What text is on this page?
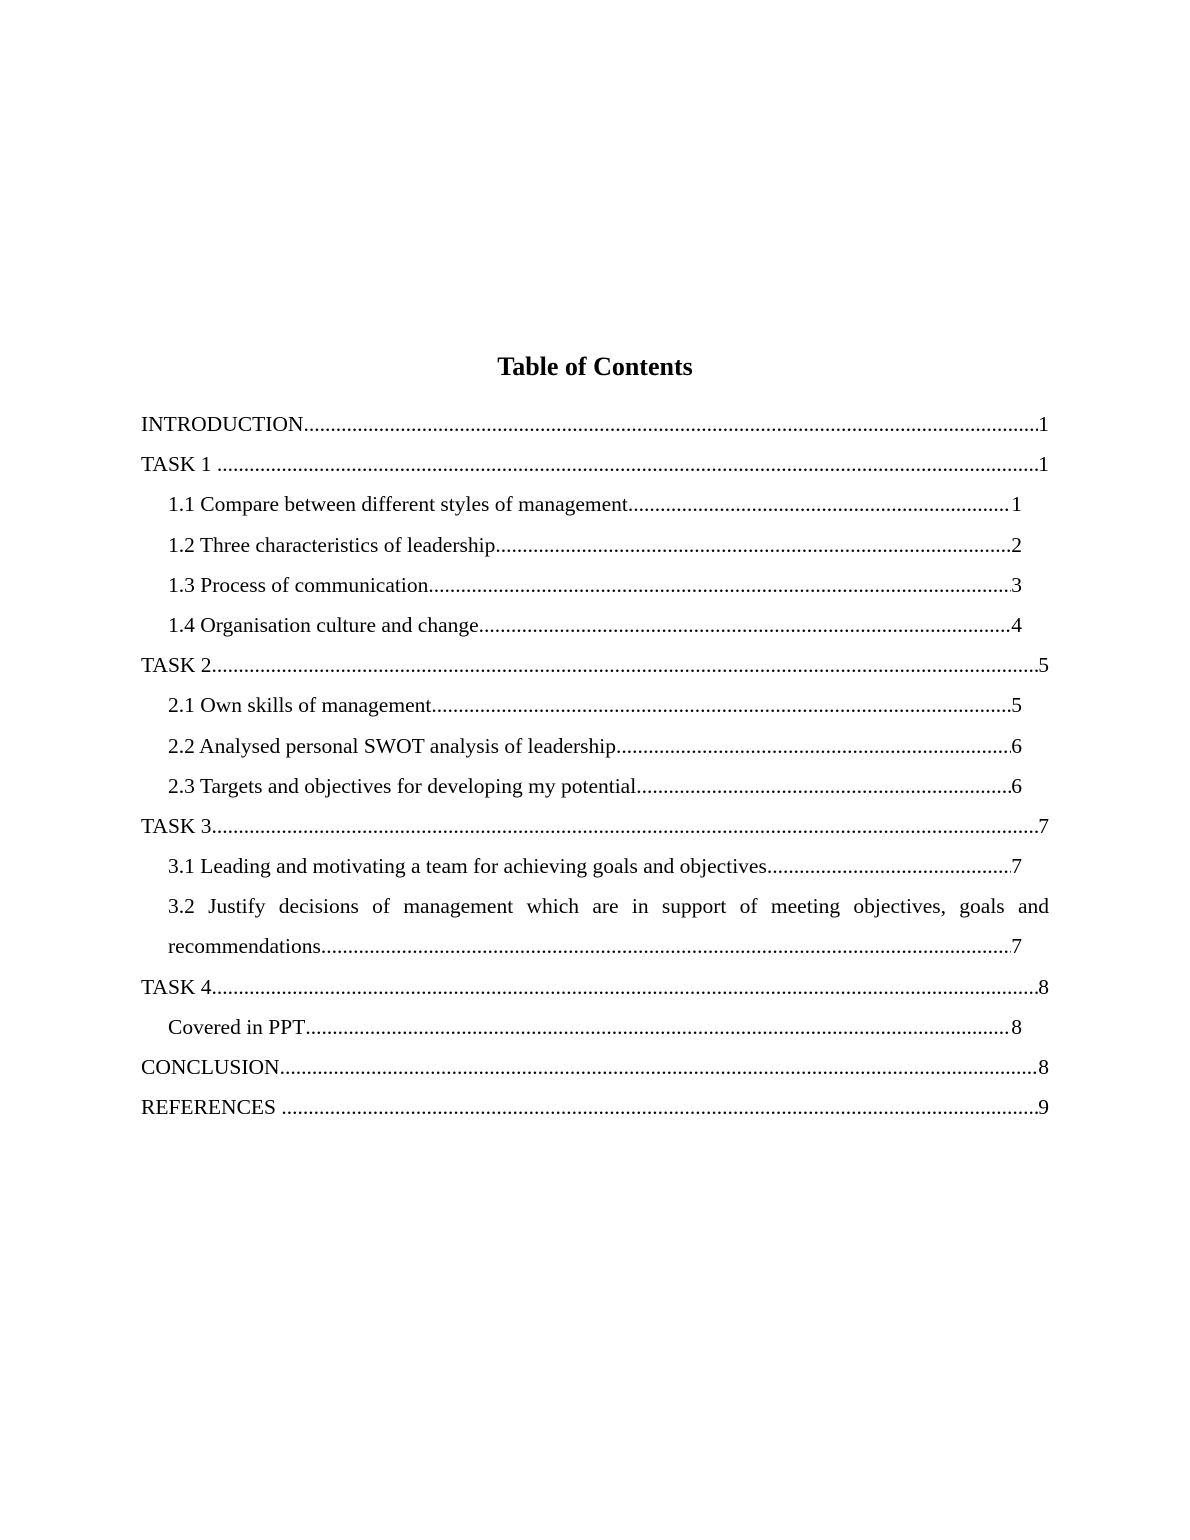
Table of Contents
INTRODUCTION .....	1
TASK 1 .....	1
1.1 Compare between different styles of management .....	1
1.2 Three characteristics of leadership .....	2
1.3 Process of communication .....	3
1.4 Organisation culture and change .....	4
TASK 2 .....	5
2.1 Own skills of management .....	5
2.2 Analysed personal SWOT analysis of leadership .....	6
2.3 Targets and objectives for developing my potential .....	6
TASK 3 .....	7
3.1 Leading and motivating a team for achieving goals and objectives .....	7
3.2 Justify decisions of management which are in support of meeting objectives, goals and
recommendations .....	7
TASK 4 .....	8
Covered in PPT .....	8
CONCLUSION .....	8
REFERENCES .....	9
